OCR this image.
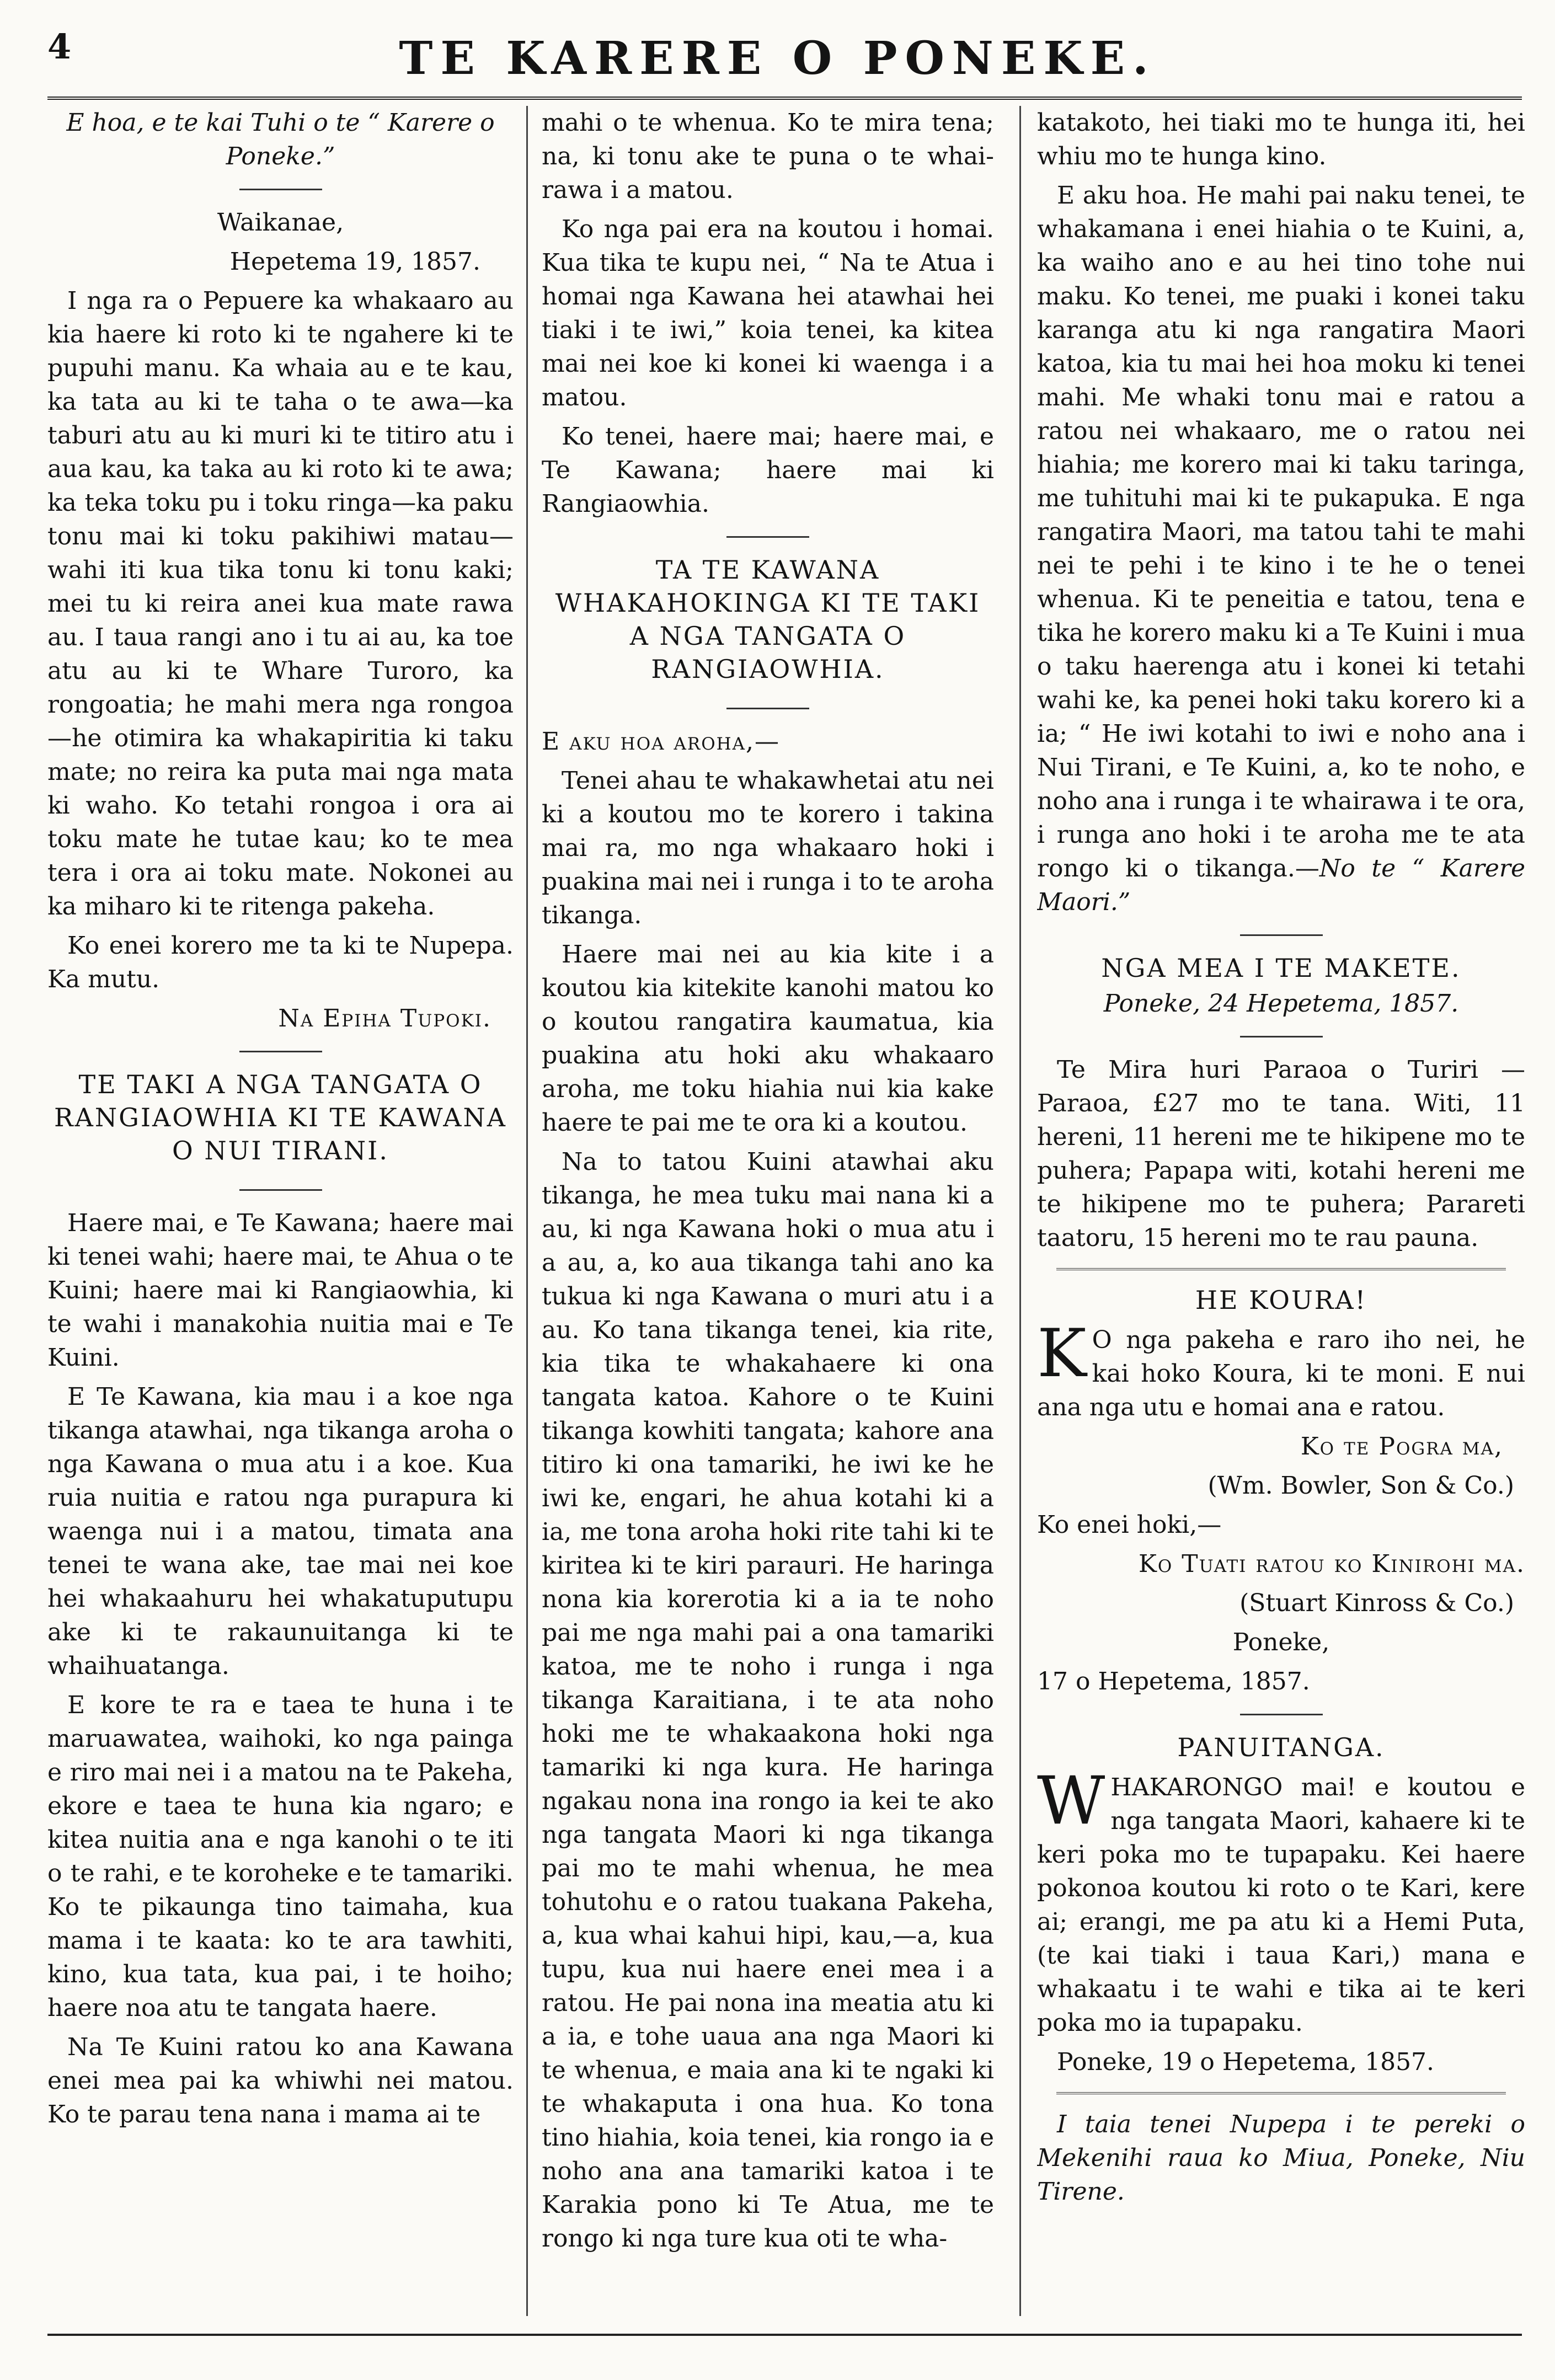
4	TE KARERE O PONEKE.

E hoa, e te kai Tuhi o te “ Karere o Poneke.”

Waikanae,

Hepetema 19, 1857.

I nga ra o Pepuere ka whakaaro au kia haere ki roto ki te ngahere ki te pupuhi manu. Ka whaia au e te kau, ka tata au ki te taha o te awa—ka taburi atu au ki muri ki te titiro atu i aua kau, ka taka au ki roto ki te awa; ka teka toku pu i toku ringa—ka paku tonu mai ki toku pakihiwi matau—wahi iti kua tika tonu ki tonu kaki; mei tu ki reira anei kua mate rawa au. I taua rangi ano i tu ai au, ka toe atu au ki te Whare Turoro, ka rongoatia; he mahi mera nga rongoa—he otimira ka whakapiritia ki taku mate; no reira ka puta mai nga mata ki waho. Ko tetahi rongoa i ora ai toku mate he tutae kau; ko te mea tera i ora ai toku mate. Nokonei au ka miharo ki te ritenga pakeha.

Ko enei korero me ta ki te Nupepa. Ka mutu.

Na Epiha Tupoki.

TE TAKI A NGA TANGATA O RANGIAOWHIA KI TE KAWANA O NUI TIRANI.

Haere mai, e Te Kawana; haere mai ki tenei wahi; haere mai, te Ahua o te Kuini; haere mai ki Rangiaowhia, ki te wahi i manakohia nuitia mai e Te Kuini.

E Te Kawana, kia mau i a koe nga tikanga atawhai, nga tikanga aroha o nga Kawana o mua atu i a koe. Kua ruia nuitia e ratou nga purapura ki waenga nui i a matou, timata ana tenei te wana ake, tae mai nei koe hei whakaahuru hei whakatuputupu ake ki te rakaunuitanga ki te whaihuatanga.

E kore te ra e taea te huna i te maruawatea, waihoki, ko nga painga e riro mai nei i a matou na te Pakeha, ekore e taea te huna kia ngaro; e kitea nuitia ana e nga kanohi o te iti o te rahi, e te koroheke e te tamariki. Ko te pikaunga tino taimaha, kua mama i te kaata: ko te ara tawhiti, kino, kua tata, kua pai, i te hoiho; haere noa atu te tangata haere.

Na Te Kuini ratou ko ana Kawana enei mea pai ka whiwhi nei matou. Ko te parau tena nana i mama ai te

mahi o te whenua. Ko te mira tena; na, ki tonu ake te puna o te whai-rawa i a matou.

Ko nga pai era na koutou i homai. Kua tika te kupu nei, “ Na te Atua i homai nga Kawana hei atawhai hei tiaki i te iwi,” koia tenei, ka kitea mai nei koe ki konei ki waenga i a matou.

Ko tenei, haere mai; haere mai, e Te Kawana; haere mai ki Rangiaowhia.

TA TE KAWANA WHAKAHOKINGA KI TE TAKI A NGA TANGATA O RANGIAOWHIA.

E aku hoa aroha,—

Tenei ahau te whakawhetai atu nei ki a koutou mo te korero i takina mai ra, mo nga whakaaro hoki i puakina mai nei i runga i to te aroha tikanga.

Haere mai nei au kia kite i a koutou kia kitekite kanohi matou ko o koutou rangatira kaumatua, kia puakina atu hoki aku whakaaro aroha, me toku hiahia nui kia kake haere te pai me te ora ki a koutou.

Na to tatou Kuini atawhai aku tikanga, he mea tuku mai nana ki a au, ki nga Kawana hoki o mua atu i a au, a, ko aua tikanga tahi ano ka tukua ki nga Kawana o muri atu i a au. Ko tana tikanga tenei, kia rite, kia tika te whakahaere ki ona tangata katoa. Kahore o te Kuini tikanga kowhiti tangata; kahore ana titiro ki ona tamariki, he iwi ke he iwi ke, engari, he ahua kotahi ki a ia, me tona aroha hoki rite tahi ki te kiritea ki te kiri parauri. He haringa nona kia korerotia ki a ia te noho pai me nga mahi pai a ona tamariki katoa, me te noho i runga i nga tikanga Karaitiana, i te ata noho hoki me te whakaakona hoki nga tamariki ki nga kura. He haringa ngakau nona ina rongo ia kei te ako nga tangata Maori ki nga tikanga pai mo te mahi whenua, he mea tohutohu e o ratou tuakana Pakeha, a, kua whai kahui hipi, kau,—a, kua tupu, kua nui haere enei mea i a ratou. He pai nona ina meatia atu ki a ia, e tohe uaua ana nga Maori ki te whenua, e maia ana ki te ngaki ki te whakaputa i ona hua. Ko tona tino hiahia, koia tenei, kia rongo ia e noho ana ana tamariki katoa i te Karakia pono ki Te Atua, me te rongo ki nga ture kua oti te wha-

katakoto, hei tiaki mo te hunga iti, hei whiu mo te hunga kino.

E aku hoa. He mahi pai naku tenei, te whakamana i enei hiahia o te Kuini, a, ka waiho ano e au hei tino tohe nui maku. Ko tenei, me puaki i konei taku karanga atu ki nga rangatira Maori katoa, kia tu mai hei hoa moku ki tenei mahi. Me whaki tonu mai e ratou a ratou nei whakaaro, me o ratou nei hiahia; me korero mai ki taku taringa, me tuhituhi mai ki te pukapuka. E nga rangatira Maori, ma tatou tahi te mahi nei te pehi i te kino i te he o tenei whenua. Ki te peneitia e tatou, tena e tika he korero maku ki a Te Kuini i mua o taku haerenga atu i konei ki tetahi wahi ke, ka penei hoki taku korero ki a ia; “ He iwi kotahi to iwi e noho ana i Nui Tirani, e Te Kuini, a, ko te noho, e noho ana i runga i te whairawa i te ora, i runga ano hoki i te aroha me te ata rongo ki o tikanga.—No te “ Karere Maori.”

NGA MEA I TE MAKETE.

Poneke, 24 Hepetema, 1857.

Te Mira huri Paraoa o Turiri —Paraoa, £27 mo te tana. Witi, 11 hereni, 11 hereni me te hikipene mo te puhera; Papapa witi, kotahi hereni me te hikipene mo te puhera; Parareti taatoru, 15 hereni mo te rau pauna.

HE KOURA!

K O nga pakeha e raro iho nei, he kai hoko Koura, ki te moni. E nui ana nga utu e homai ana e ratou.

Ko te Pogra ma,

(Wm. Bowler, Son & Co.)

Ko enei hoki,—

Ko Tuati ratou ko Kinirohi ma.

(Stuart Kinross & Co.)

Poneke,

17 o Hepetema, 1857.

PANUITANGA.

WHAKARONGO mai! e koutou e nga tangata Maori, kahaere ki te keri poka mo te tupapaku. Kei haere pokonoa koutou ki roto o te Kari, kere ai; erangi, me pa atu ki a Hemi Puta, (te kai tiaki i taua Kari,) mana e whakaatu i te wahi e tika ai te keri poka mo ia tupapaku.

Poneke, 19 o Hepetema, 1857.

I taia tenei Nupepa i te pereki o Mekenihi raua ko Miua, Poneke, Niu Tirene.
